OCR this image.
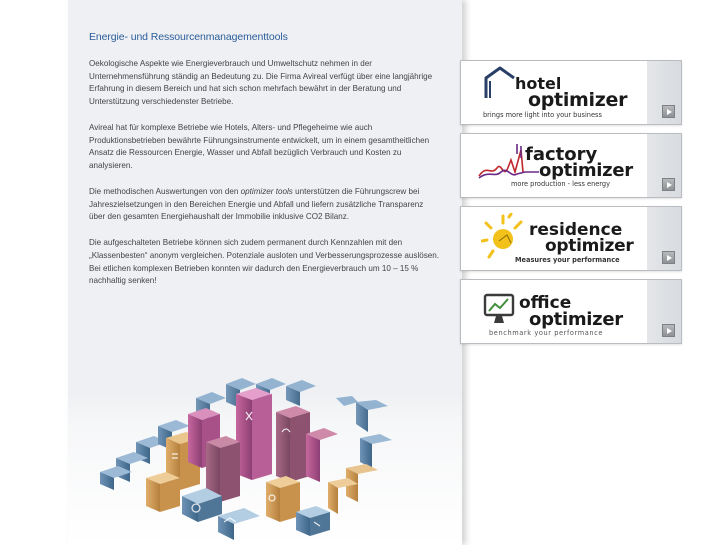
Energie- und Ressourcenmanagementtools

Oekologische Aspekte wie Energieverbrauch und Umweltschutz nehmen in der Unternehmensführung ständig an Bedeutung zu. Die Firma Avireal verfügt über eine langjährige Erfahrung in diesem Bereich und hat sich schon mehrfach bewährt in der Beratung und Unterstützung verschiedenster Betriebe.

Avireal hat für komplexe Betriebe wie Hotels, Alters- und Pflegeheime wie auch Produktionsbetrieben bewährte Führungsinstrumente entwickelt, um in einem gesamtheitlichen Ansatz die Ressourcen Energie, Wasser und Abfall bezüglich Verbrauch und Kosten zu analysieren.

Die methodischen Auswertungen von den optimizer tools unterstützen die Führungscrew bei Jahreszielsetzungen in den Bereichen Energie und Abfall und liefern zusätzliche Transparenz über den gesamten Energiehaushalt der Immobilie inklusive CO2 Bilanz.

Die aufgeschalteten Betriebe können sich zudem permanent durch Kennzahlen mit den „Klassenbesten“ anonym vergleichen. Potenziale ausloten und Verbesserungsprozesse auslösen. Bei etlichen komplexen Betrieben konnten wir dadurch den Energieverbrauch um 10 – 15 % nachhaltig senken!

hotel
optimizer
brings more light into your business
factory
optimizer
more production - less energy
residence
optimizer
Measures your performance
office
optimizer
benchmark your performance
